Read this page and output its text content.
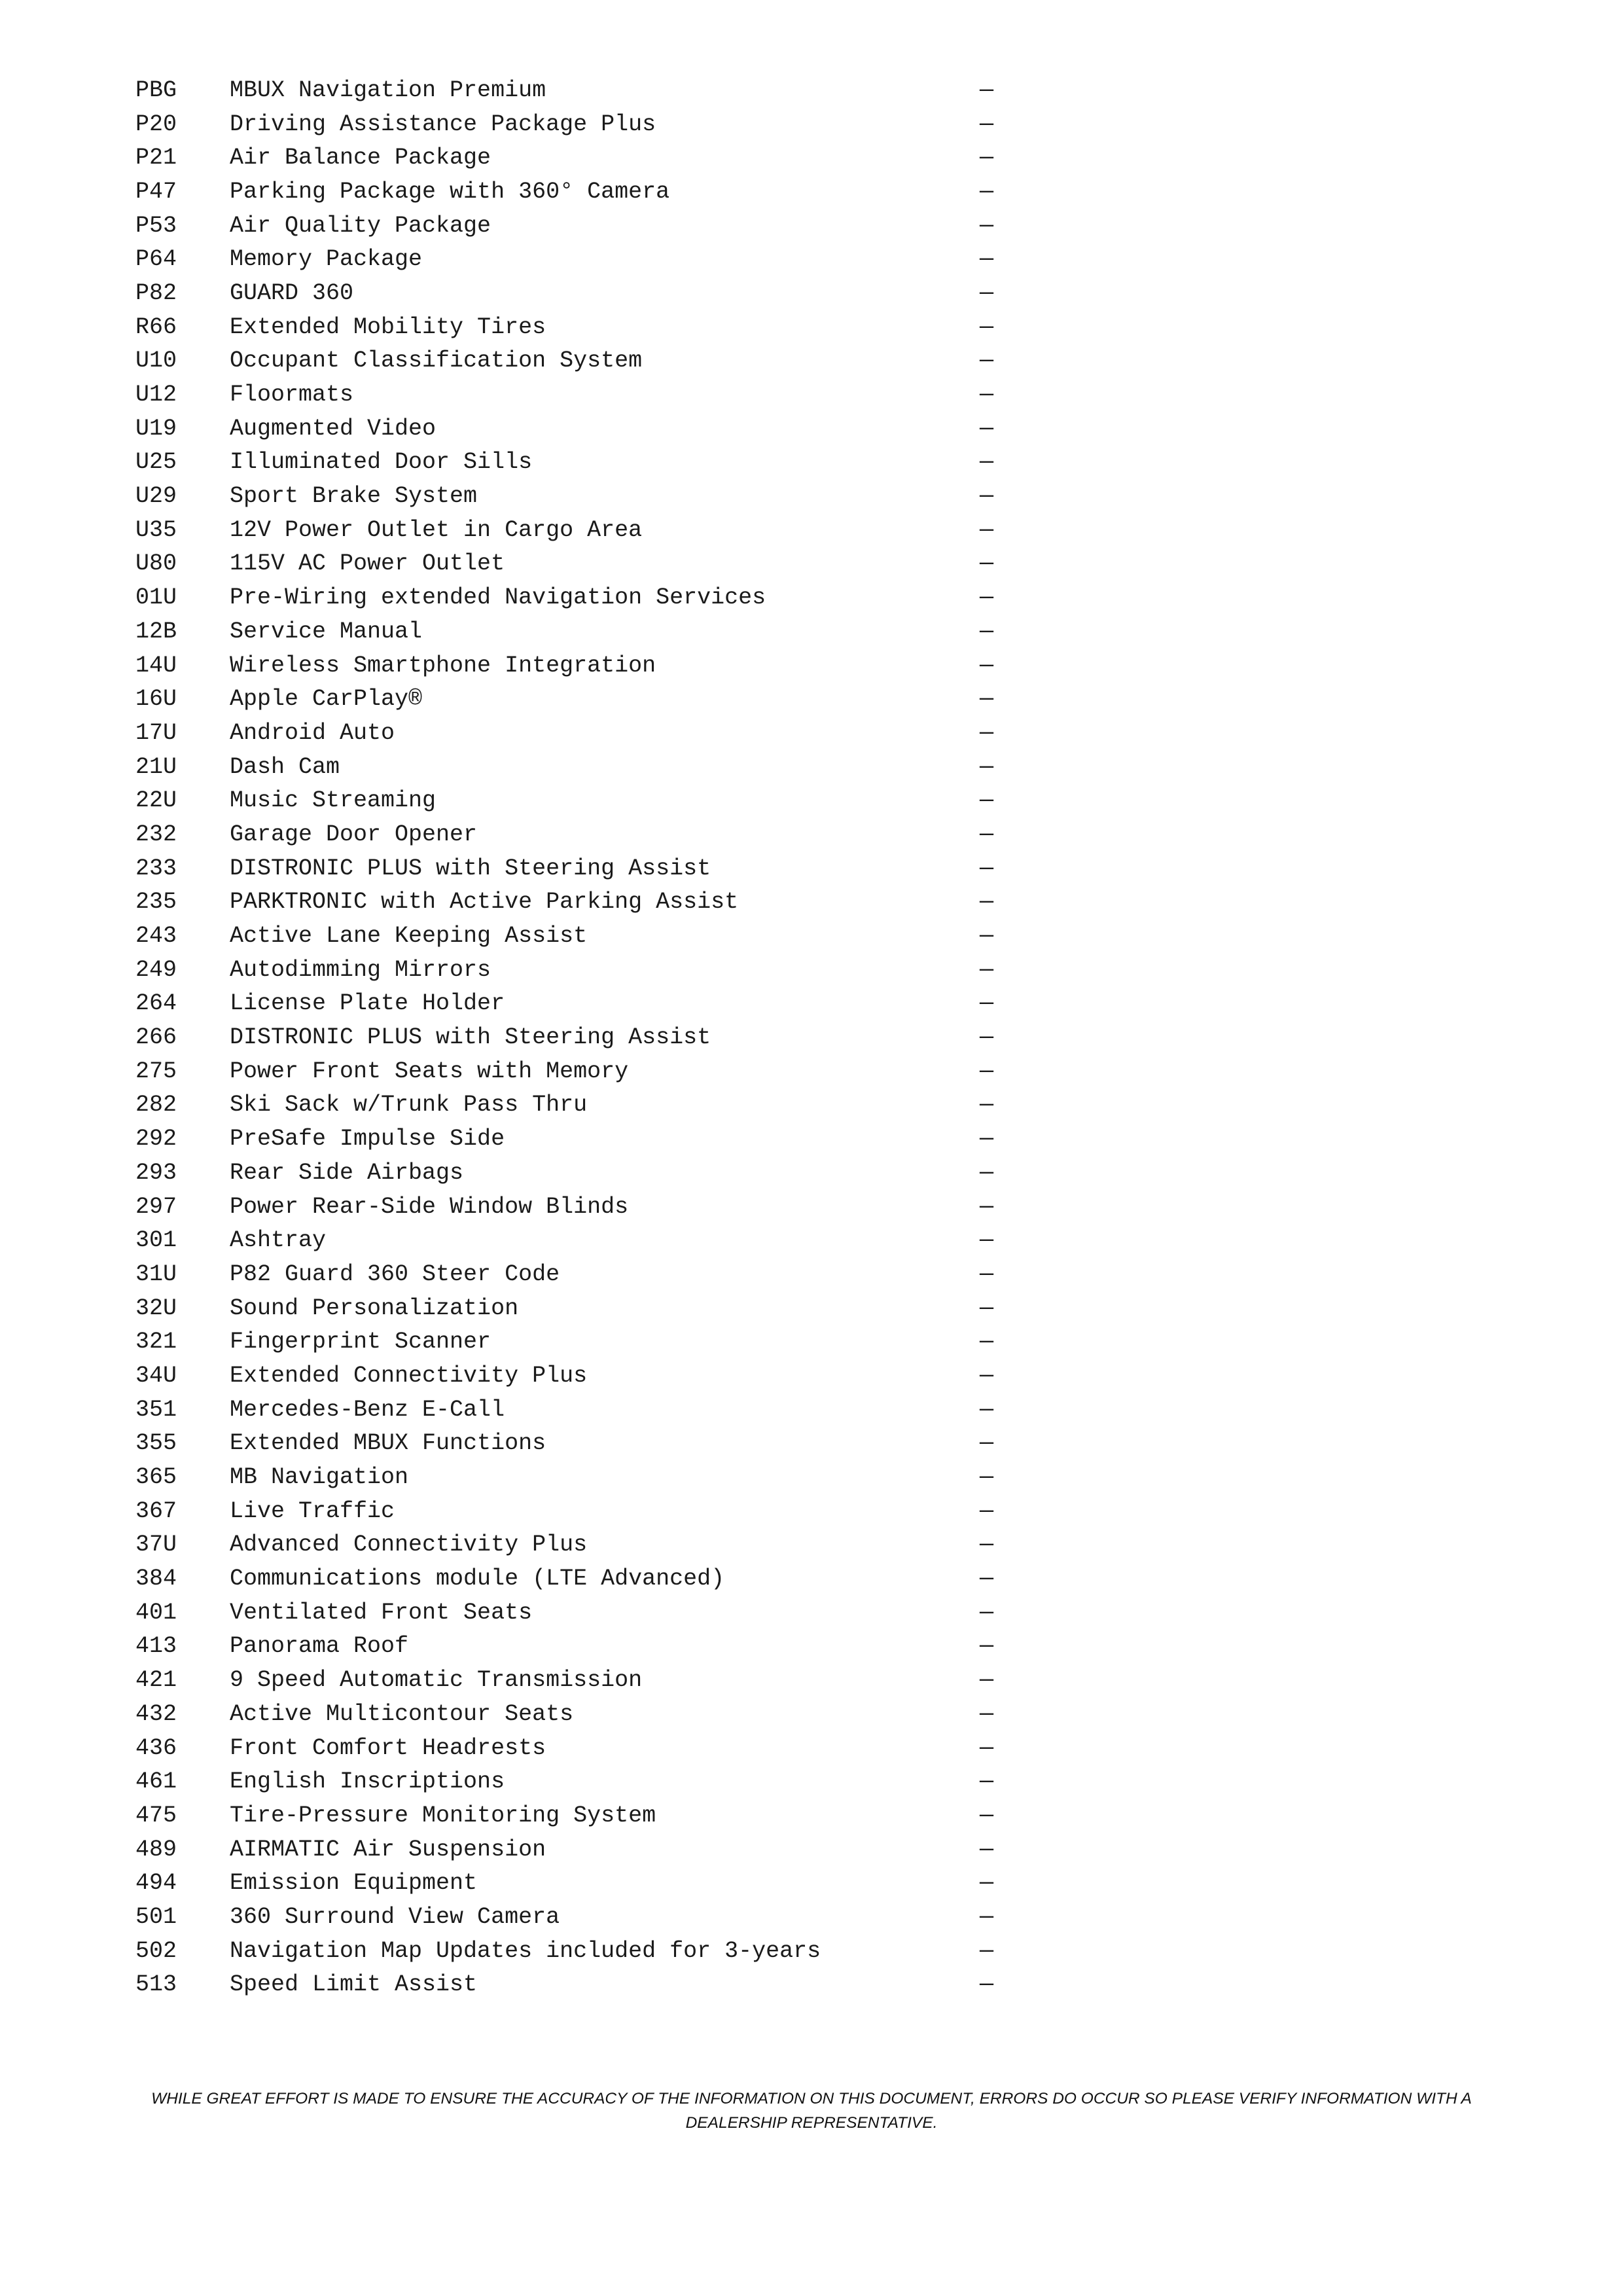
PBG	MBUX Navigation Premium	—
P20	Driving Assistance Package Plus	—
P21	Air Balance Package	—
P47	Parking Package with 360° Camera	—
P53	Air Quality Package	—
P64	Memory Package	—
P82	GUARD 360	—
R66	Extended Mobility Tires	—
U10	Occupant Classification System	—
U12	Floormats	—
U19	Augmented Video	—
U25	Illuminated Door Sills	—
U29	Sport Brake System	—
U35	12V Power Outlet in Cargo Area	—
U80	115V AC Power Outlet	—
01U	Pre-Wiring extended Navigation Services	—
12B	Service Manual	—
14U	Wireless Smartphone Integration	—
16U	Apple CarPlay®	—
17U	Android Auto	—
21U	Dash Cam	—
22U	Music Streaming	—
232	Garage Door Opener	—
233	DISTRONIC PLUS with Steering Assist	—
235	PARKTRONIC with Active Parking Assist	—
243	Active Lane Keeping Assist	—
249	Autodimming Mirrors	—
264	License Plate Holder	—
266	DISTRONIC PLUS with Steering Assist	—
275	Power Front Seats with Memory	—
282	Ski Sack w/Trunk Pass Thru	—
292	PreSafe Impulse Side	—
293	Rear Side Airbags	—
297	Power Rear-Side Window Blinds	—
301	Ashtray	—
31U	P82 Guard 360 Steer Code	—
32U	Sound Personalization	—
321	Fingerprint Scanner	—
34U	Extended Connectivity Plus	—
351	Mercedes-Benz E-Call	—
355	Extended MBUX Functions	—
365	MB Navigation	—
367	Live Traffic	—
37U	Advanced Connectivity Plus	—
384	Communications module (LTE Advanced)	—
401	Ventilated Front Seats	—
413	Panorama Roof	—
421	9 Speed Automatic Transmission	—
432	Active Multicontour Seats	—
436	Front Comfort Headrests	—
461	English Inscriptions	—
475	Tire-Pressure Monitoring System	—
489	AIRMATIC Air Suspension	—
494	Emission Equipment	—
501	360 Surround View Camera	—
502	Navigation Map Updates included for 3-years	—
513	Speed Limit Assist	—
WHILE GREAT EFFORT IS MADE TO ENSURE THE ACCURACY OF THE INFORMATION ON THIS DOCUMENT, ERRORS DO OCCUR SO PLEASE VERIFY INFORMATION WITH A
DEALERSHIP REPRESENTATIVE.
